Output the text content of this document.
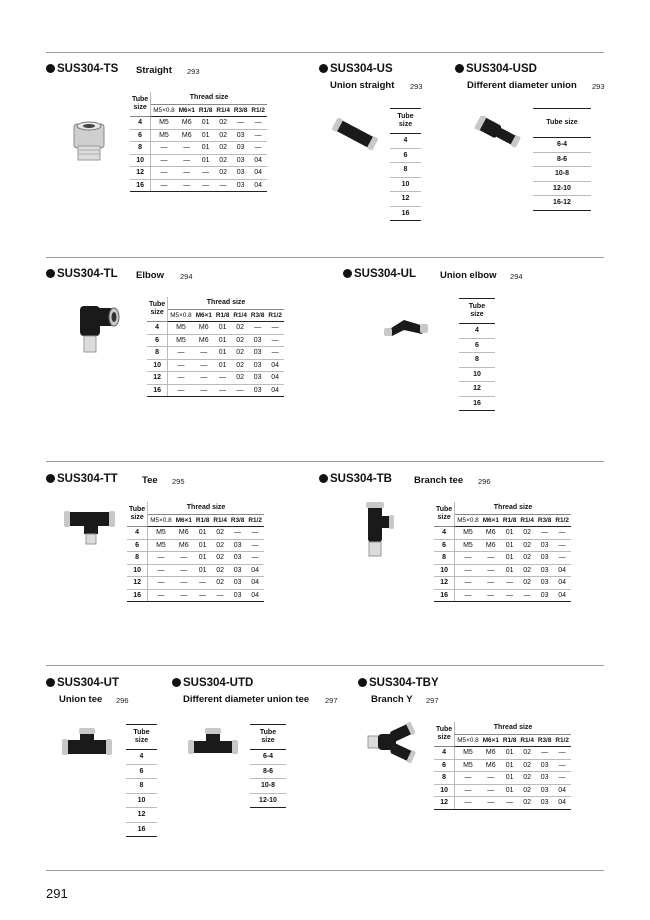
SUS304-TS Straight 293
Tube
size	Thread size					
	M5×0.8	M6×1	R1/8	R1/4	R3/8	R1/2
4	M5	M6	01	02	—	—
6	M5	M6	01	02	03	—
8	—	—	01	02	03	—
10	—	—	01	02	03	04
12	—	—	—	02	03	04
16	—	—	—	—	03	04
SUS304-US
Union straight 293
Tube
size
4
6
8
10
12
16
SUS304-USD
Different diameter union 293
Tube size
6-4
8-6
10-8
12-10
16-12
SUS304-TL Elbow 294
Tube
size	Thread size					
	M5×0.8	M6×1	R1/8	R1/4	R3/8	R1/2
4	M5	M6	01	02	—	—
6	M5	M6	01	02	03	—
8	—	—	01	02	03	—
10	—	—	01	02	03	04
12	—	—	—	02	03	04
16	—	—	—	—	03	04
SUS304-UL	Union elbow 294
Tube
size
4
6
8
10
12
16
SUS304-TT	Tee 295
Tube
size	Thread size					
	M5×0.8	M6×1	R1/8	R1/4	R3/8	R1/2
4	M5	M6	01	02	—	—
6	M5	M6	01	02	03	—
8	—	—	01	02	03	—
10	—	—	01	02	03	04
12	—	—	—	02	03	04
16	—	—	—	—	03	04
SUS304-TB Branch tee 296
Tube
size	Thread size					
	M5×0.8	M6×1	R1/8	R1/4	R3/8	R1/2
4	M5	M6	01	02	—	—
6	M5	M6	01	02	03	—
8	—	—	01	02	03	—
10	—	—	01	02	03	04
12	—	—	—	02	03	04
16	—	—	—	—	03	04
SUS304-UT
Union tee 296
Tube
size
4
6
8
10
12
16
SUS304-UTD
Different diameter union tee 297
Tube
size
6-4
8-6
10-8
12-10
SUS304-TBY
Branch Y 297
Tube
size	Thread size					
	M5×0.8	M6×1	R1/8	R1/4	R3/8	R1/2
4	M5	M6	01	02	—	—
6	M5	M6	01	02	03	—
8	—	—	01	02	03	—
10	—	—	01	02	03	04
12	—	—	—	02	03	04
291
